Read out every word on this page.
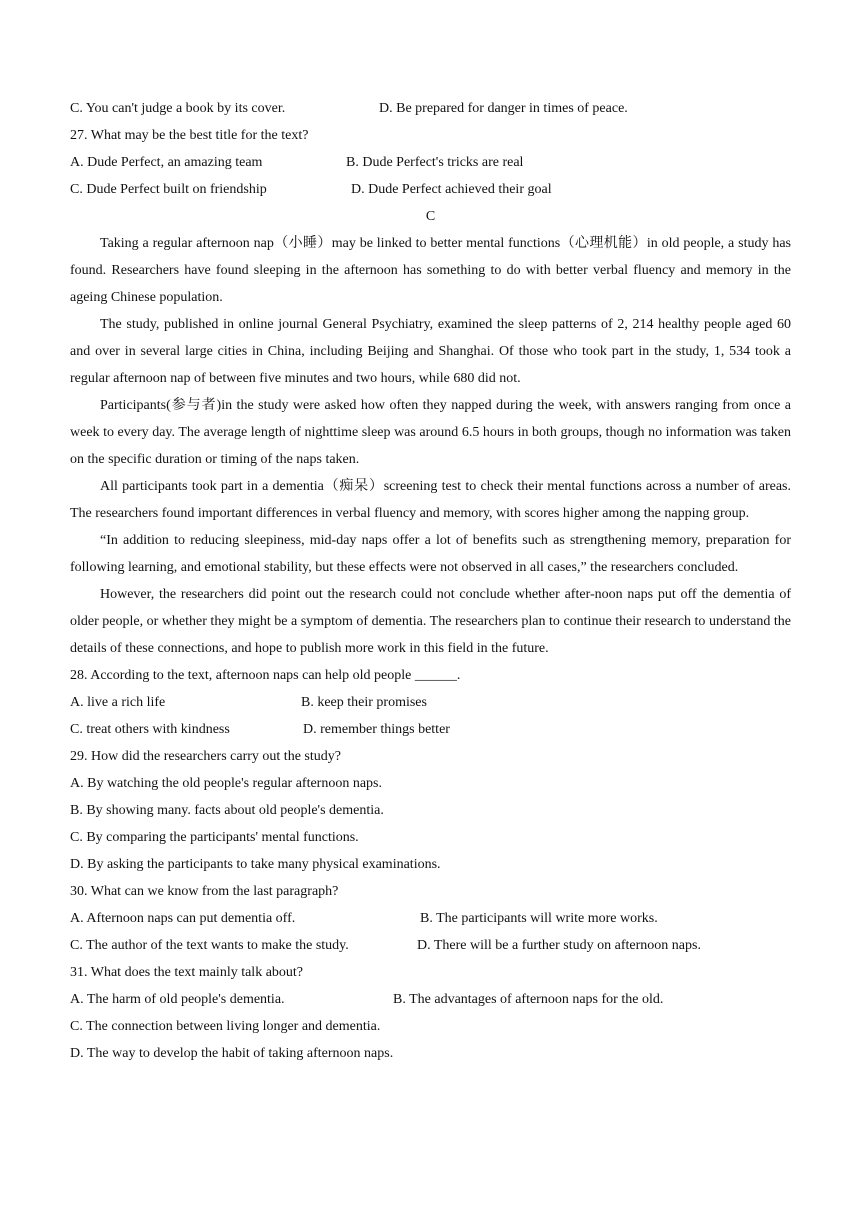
C. You can't judge a book by its cover.	D. Be prepared for danger in times of peace.
27. What may be the best title for the text?
A. Dude Perfect, an amazing team	B. Dude Perfect's tricks are real
C. Dude Perfect built on friendship	D. Dude Perfect achieved their goal
C

Taking a regular afternoon nap（小睡）may be linked to better mental functions（心理机能）in old people, a study has found. Researchers have found sleeping in the afternoon has something to do with better verbal fluency and memory in the ageing Chinese population.

The study, published in online journal General Psychiatry, examined the sleep patterns of 2, 214 healthy people aged 60 and over in several large cities in China, including Beijing and Shanghai. Of those who took part in the study, 1, 534 took a regular afternoon nap of between five minutes and two hours, while 680 did not.

Participants(参与者)in the study were asked how often they napped during the week, with answers ranging from once a week to every day. The average length of nighttime sleep was around 6.5 hours in both groups, though no information was taken on the specific duration or timing of the naps taken.

All participants took part in a dementia（痴呆）screening test to check their mental functions across a number of areas. The researchers found important differences in verbal fluency and memory, with scores higher among the napping group.

“In addition to reducing sleepiness, mid-day naps offer a lot of benefits such as strengthening memory, preparation for following learning, and emotional stability, but these effects were not observed in all cases,” the researchers concluded.

However, the researchers did point out the research could not conclude whether after-noon naps put off the dementia of older people, or whether they might be a symptom of dementia. The researchers plan to continue their research to understand the details of these connections, and hope to publish more work in this field in the future.

28. According to the text, afternoon naps can help old people ______.
A. live a rich life	B. keep their promises
C. treat others with kindness	D. remember things better
29. How did the researchers carry out the study?
A. By watching the old people's regular afternoon naps.
B. By showing many. facts about old people's dementia.
C. By comparing the participants' mental functions.
D. By asking the participants to take many physical examinations.
30. What can we know from the last paragraph?
A. Afternoon naps can put dementia off.	B. The participants will write more works.
C. The author of the text wants to make the study.	D. There will be a further study on afternoon naps.
31. What does the text mainly talk about?
A. The harm of old people's dementia.	B. The advantages of afternoon naps for the old.
C. The connection between living longer and dementia.
D. The way to develop the habit of taking afternoon naps.
